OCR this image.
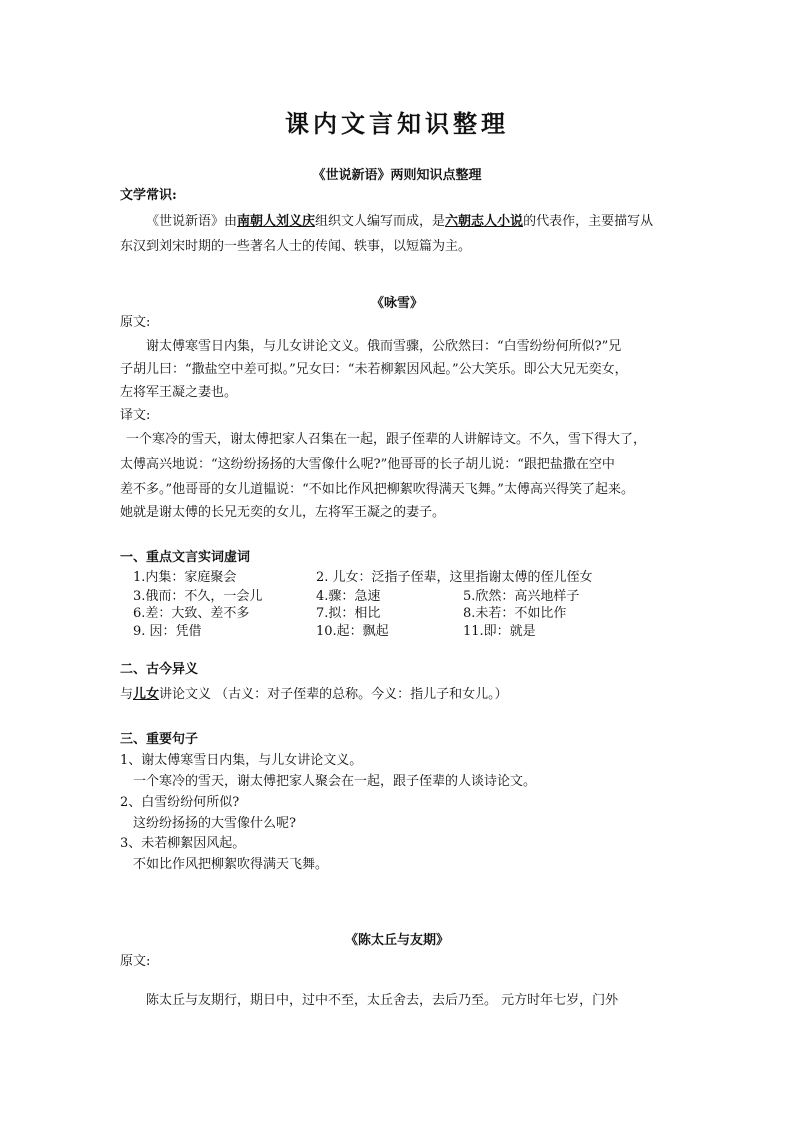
课内文言知识整理
《世说新语》两则知识点整理
文学常识:
《世说新语》由南朝人刘义庆组织文人编写而成，是六朝志人小说的代表作，主要描写从
东汉到刘宋时期的一些著名人士的传闻、轶事，以短篇为主。
《咏雪》
原文:
谢太傅寒雪日内集，与儿女讲论文义。俄而雪骤，公欣然曰：“白雪纷纷何所似?”兄
子胡儿曰：“撒盐空中差可拟。”兄女曰：“未若柳絮因风起。”公大笑乐。即公大兄无奕女，
左将军王凝之妻也。
译文:
一个寒冷的雪天，谢太傅把家人召集在一起，跟子侄辈的人讲解诗文。不久，雪下得大了，
太傅高兴地说：“这纷纷扬扬的大雪像什么呢?”他哥哥的长子胡儿说：“跟把盐撒在空中
差不多。”他哥哥的女儿道韫说：“不如比作风把柳絮吹得满天飞舞。”太傅高兴得笑了起来。
她就是谢太傅的长兄无奕的女儿，左将军王凝之的妻子。
一、重点文言实词虚词
1.内集：家庭聚会	2. 儿女：泛指子侄辈，这里指谢太傅的侄儿侄女
3.俄而：不久，一会儿	4.骤：急速	5.欣然：高兴地样子
6.差：大致、差不多	7.拟：相比	8.未若：不如比作
9. 因：凭借	10.起：飘起	11.即：就是
二、古今异义
与儿女讲论文义 （古义：对子侄辈的总称。今义：指儿子和女儿。）
三、重要句子
1、谢太傅寒雪日内集，与儿女讲论文义。
一个寒冷的雪天，谢太傅把家人聚会在一起，跟子侄辈的人谈诗论文。
2、白雪纷纷何所似?
这纷纷扬扬的大雪像什么呢?
3、未若柳絮因风起。
不如比作风把柳絮吹得满天飞舞。
《陈太丘与友期》
原文:
陈太丘与友期行，期日中，过中不至，太丘舍去，去后乃至。 元方时年七岁，门外
